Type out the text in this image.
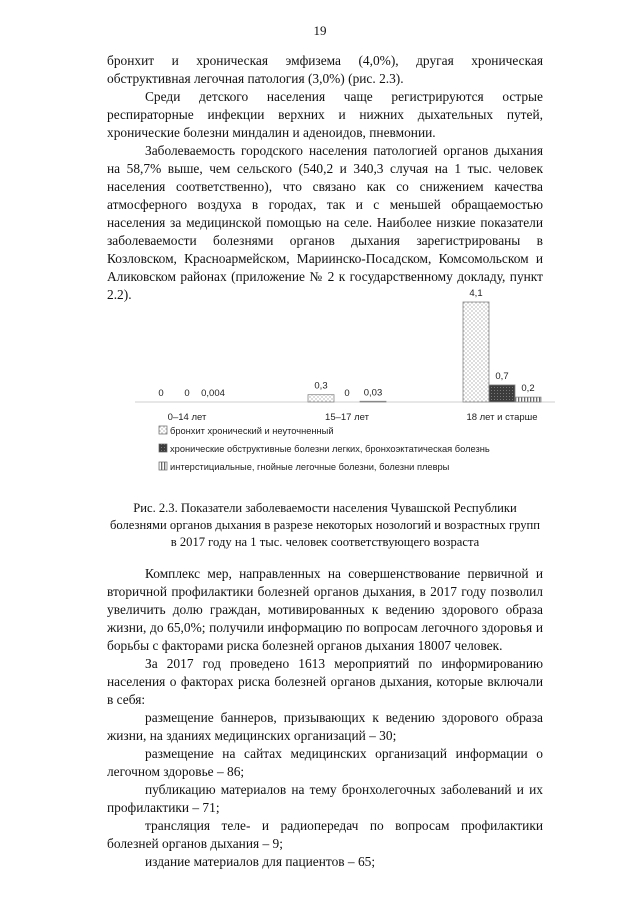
19

бронхит и хроническая эмфизема (4,0%), другая хроническая обструктивная легочная патология (3,0%) (рис. 2.3).

Среди детского населения чаще регистрируются острые респираторные инфекции верхних и нижних дыхательных путей, хронические болезни миндалин и аденоидов, пневмонии.

Заболеваемость городского населения патологией органов дыхания на 58,7% выше, чем сельского (540,2 и 340,3 случая на 1 тыс. человек населения соответственно), что связано как со снижением качества атмосферного воздуха в городах, так и с меньшей обращаемостью населения за медицинской помощью на селе. Наиболее низкие показатели заболеваемости болезнями органов дыхания зарегистрированы в Козловском, Красноармейском, Мариинско-Посадском, Комсомольском и Аликовском районах (приложение № 2 к государственному докладу, пункт 2.2).

0 0 0,004
0,3
0 0,03
4,1
0,7
0,2
0–14 лет	15–17 лет	18 лет и старше
бронхит хронический и неуточненный
хронические обструктивные болезни легких, бронхоэктатическая болезнь
интерстициальные, гнойные легочные болезни, болезни плевры
Рис. 2.3. Показатели заболеваемости населения Чувашской Республики
болезнями органов дыхания в разрезе некоторых нозологий и возрастных групп
в 2017 году на 1 тыс. человек соответствующего возраста

Комплекс мер, направленных на совершенствование первичной и вторичной профилактики болезней органов дыхания, в 2017 году позволил увеличить долю граждан, мотивированных к ведению здорового образа жизни, до 65,0%; получили информацию по вопросам легочного здоровья и борьбы с факторами риска болезней органов дыхания 18007 человек.

За 2017 год проведено 1613 мероприятий по информированию населения о факторах риска болезней органов дыхания, которые включали в себя:

размещение баннеров, призывающих к ведению здорового образа жизни, на зданиях медицинских организаций – 30;

размещение на сайтах медицинских организаций информации о легочном здоровье – 86;

публикацию материалов на тему бронхолегочных заболеваний и их профилактики – 71;

трансляция теле- и радиопередач по вопросам профилактики болезней органов дыхания – 9;

издание материалов для пациентов – 65;
